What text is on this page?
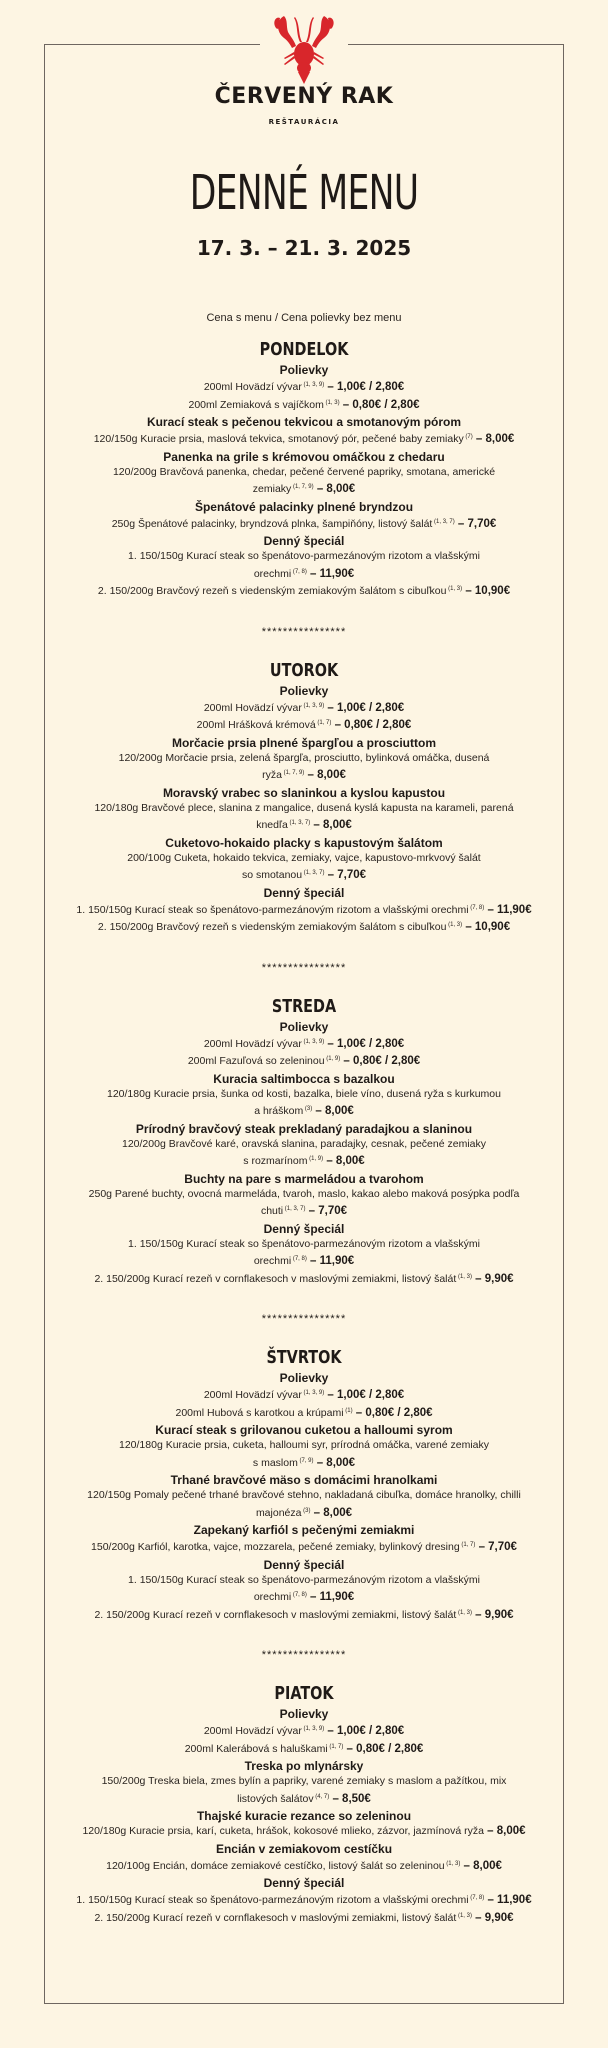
ČERVENÝ RAK
REŠTAURÁCIA
DENNÉ MENU
17. 3. – 21. 3. 2025
Cena s menu / Cena polievky bez menu
PONDELOK
Polievky
200ml Hovädzí vývar $^{(1, 3, 9)}$ – 1,00€ / 2,80€
200ml Zemiaková s vajíčkom $^{(1, 3)}$ – 0,80€ / 2,80€
Kurací steak s pečenou tekvicou a smotanovým pórom
120/150g Kuracie prsia, maslová tekvica, smotanový pór, pečené baby zemiaky $^{(7)}$ – 8,00€
Panenka na grile s krémovou omáčkou z chedaru
120/200g Bravčová panenka, chedar, pečené červené papriky, smotana, americké
zemiaky $^{(1, 7, 9)}$ – 8,00€
Špenátové palacinky plnené bryndzou
250g Špenátové palacinky, bryndzová plnka, šampiňóny, listový šalát $^{(1, 3, 7)}$ – 7,70€
Denný špeciál
1. 150/150g Kurací steak so špenátovo-parmezánovým rizotom a vlašskými
orechmi $^{(7, 8)}$ – 11,90€
2. 150/200g Bravčový rezeň s viedenským zemiakovým šalátom s cibuľkou $^{(1, 3)}$ – 10,90€
****************
UTOROK
Polievky
200ml Hovädzí vývar $^{(1, 3, 9)}$ – 1,00€ / 2,80€
200ml Hrášková krémová $^{(1, 7)}$ – 0,80€ / 2,80€
Morčacie prsia plnené špargľou a prosciuttom
120/200g Morčacie prsia, zelená špargľa, prosciutto, bylinková omáčka, dusená
ryža $^{(1, 7, 9)}$ – 8,00€
Moravský vrabec so slaninkou a kyslou kapustou
120/180g Bravčové plece, slanina z mangalice, dusená kyslá kapusta na karameli, parená
knedľa $^{(1, 3, 7)}$ – 8,00€
Cuketovo-hokaido placky s kapustovým šalátom
200/100g Cuketa, hokaido tekvica, zemiaky, vajce, kapustovo-mrkvový šalát
so smotanou $^{(1, 3, 7)}$ – 7,70€
Denný špeciál
1. 150/150g Kurací steak so špenátovo-parmezánovým rizotom a vlašskými orechmi $^{(7, 8)}$ – 11,90€
2. 150/200g Bravčový rezeň s viedenským zemiakovým šalátom s cibuľkou $^{(1, 3)}$ – 10,90€
****************
STREDA
Polievky
200ml Hovädzí vývar $^{(1, 3, 9)}$ – 1,00€ / 2,80€
200ml Fazuľová so zeleninou $^{(1, 9)}$ – 0,80€ / 2,80€
Kuracia saltimbocca s bazalkou
120/180g Kuracie prsia, šunka od kosti, bazalka, biele víno, dusená ryža s kurkumou
a hráškom $^{(3)}$ – 8,00€
Prírodný bravčový steak prekladaný paradajkou a slaninou
120/200g Bravčové karé, oravská slanina, paradajky, cesnak, pečené zemiaky
s rozmarínom $^{(1, 9)}$ – 8,00€
Buchty na pare s marmeládou a tvarohom
250g Parené buchty, ovocná marmeláda, tvaroh, maslo, kakao alebo maková posýpka podľa
chuti $^{(1, 3, 7)}$ – 7,70€
Denný špeciál
1. 150/150g Kurací steak so špenátovo-parmezánovým rizotom a vlašskými
orechmi $^{(7, 8)}$ – 11,90€
2. 150/200g Kurací rezeň v cornflakesoch v maslovými zemiakmi, listový šalát $^{(1, 3)}$ – 9,90€
****************
ŠTVRTOK
Polievky
200ml Hovädzí vývar $^{(1, 3, 9)}$ – 1,00€ / 2,80€
200ml Hubová s karotkou a krúpami $^{(1)}$ – 0,80€ / 2,80€
Kurací steak s grilovanou cuketou a halloumi syrom
120/180g Kuracie prsia, cuketa, halloumi syr, prírodná omáčka, varené zemiaky
s maslom $^{(7, 9)}$ – 8,00€
Trhané bravčové mäso s domácimi hranolkami
120/150g Pomaly pečené trhané bravčové stehno, nakladaná cibuľka, domáce hranolky, chilli
majonéza $^{(3)}$ – 8,00€
Zapekaný karfiól s pečenými zemiakmi
150/200g Karfiól, karotka, vajce, mozzarela, pečené zemiaky, bylinkový dresing $^{(1, 7)}$ – 7,70€
Denný špeciál
1. 150/150g Kurací steak so špenátovo-parmezánovým rizotom a vlašskými
orechmi $^{(7, 8)}$ – 11,90€
2. 150/200g Kurací rezeň v cornflakesoch v maslovými zemiakmi, listový šalát $^{(1, 3)}$ – 9,90€
****************
PIATOK
Polievky
200ml Hovädzí vývar $^{(1, 3, 9)}$ – 1,00€ / 2,80€
200ml Kalerábová s haluškami $^{(1, 7)}$ – 0,80€ / 2,80€
Treska po mlynársky
150/200g Treska biela, zmes bylín a papriky, varené zemiaky s maslom a pažítkou, mix
listových šalátov $^{(4, 7)}$ – 8,50€
Thajské kuracie rezance so zeleninou
120/180g Kuracie prsia, karí, cuketa, hrášok, kokosové mlieko, zázvor, jazmínová ryža – 8,00€
Encián v zemiakovom cestíčku
120/100g Encián, domáce zemiakové cestíčko, listový šalát so zeleninou $^{(1, 3)}$ – 8,00€
Denný špeciál
1. 150/150g Kurací steak so špenátovo-parmezánovým rizotom a vlašskými orechmi $^{(7, 8)}$ – 11,90€
2. 150/200g Kurací rezeň v cornflakesoch v maslovými zemiakmi, listový šalát $^{(1, 3)}$ – 9,90€
